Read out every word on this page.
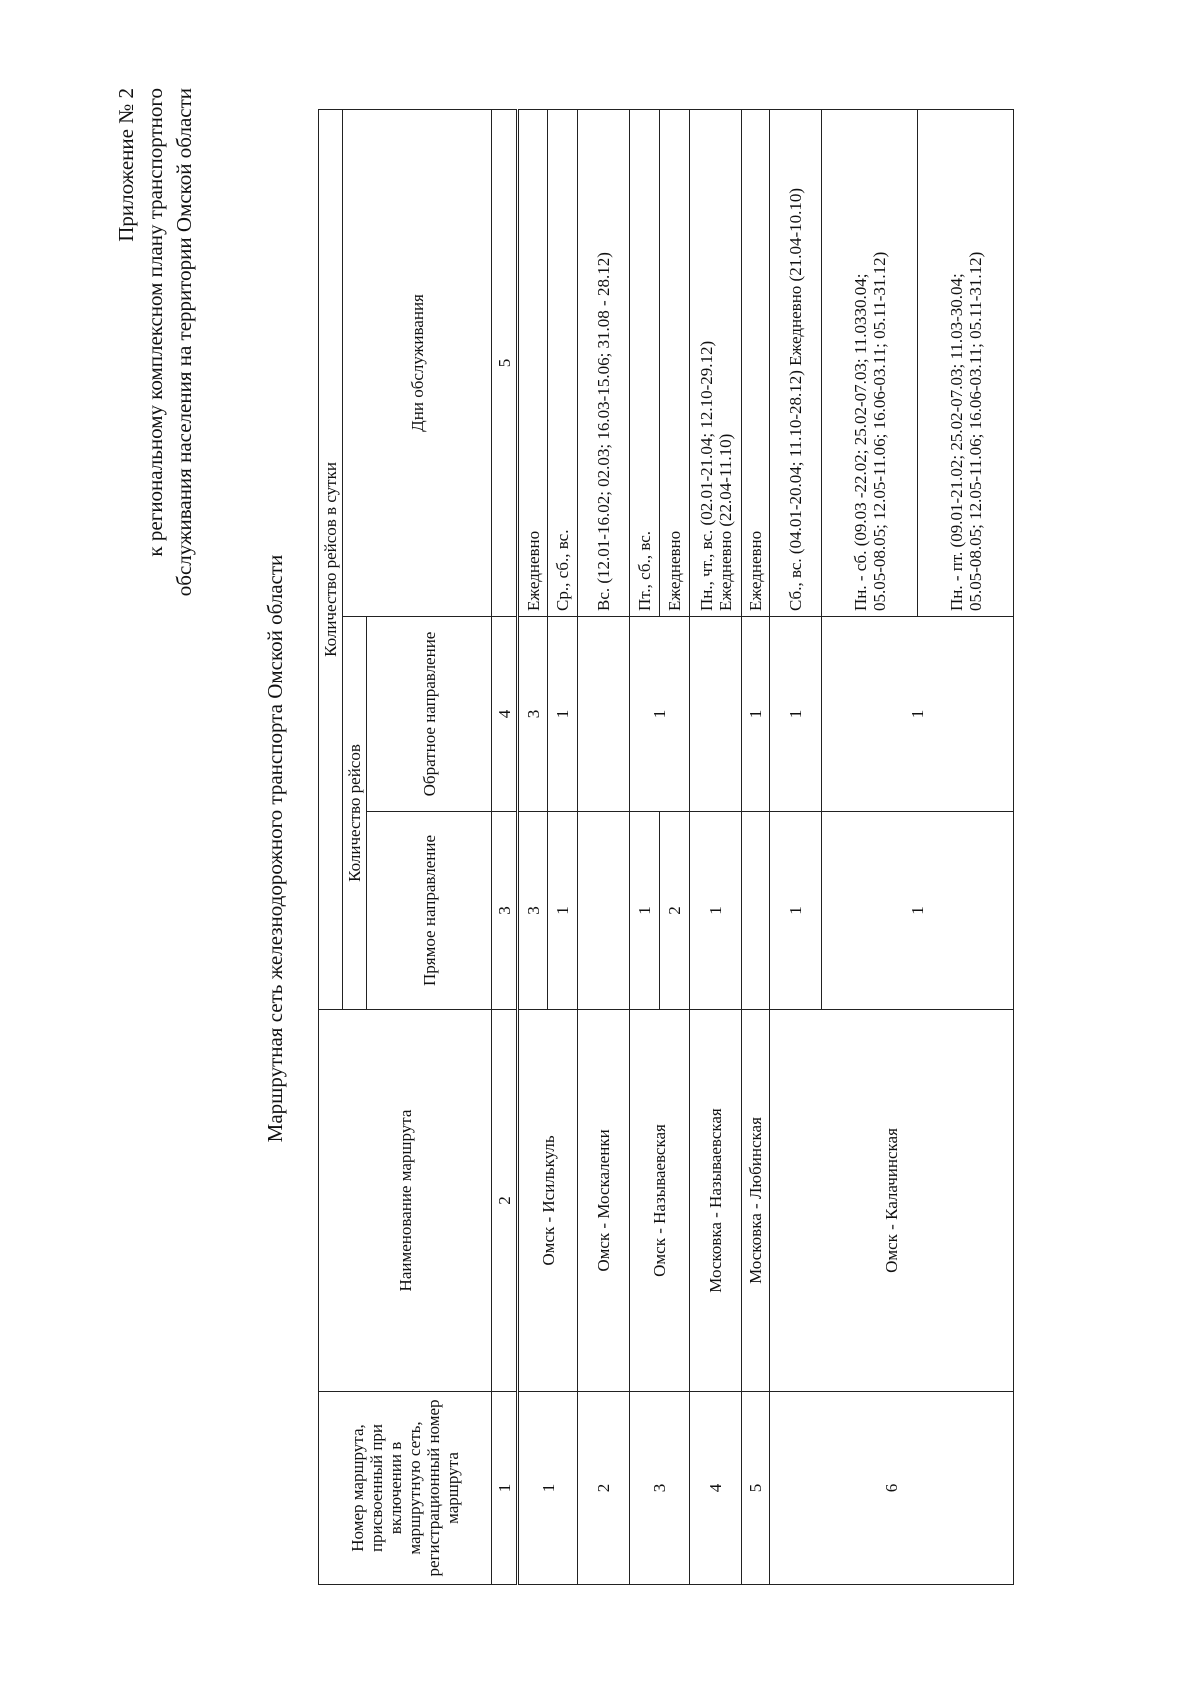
Приложение № 2 к региональному комплексном плану транспортного обслуживания населения на территории Омской области
Маршрутная сеть железнодорожного транспорта Омской области
Номер маршрута, присвоенный при включении в маршрутную сеть, регистрационный номер маршрута	Наименование маршрута	Количество рейсов в сутки		
		Количество рейсов		Дни обслуживания
		Прямое направление	Обратное направление	
1	2	3	4	5
1	Омск - Исилькуль	3	3	Ежедневно
		1	1	Ср., сб., вс.
2	Омск - Москаленки			Вс. (12.01-16.02; 02.03; 16.03-15.06; 31.08 - 28.12)
3	Омск - Называевская	1	1	Пт., сб., вс.
		2		Ежедневно
4	Московка - Называевская	1		Пн., чт., вс. (02.01-21.04; 12.10-29.12)
Ежедневно (22.04-11.10)
5	Московка - Любинская		1	Ежедневно
6	Омск - Калачинская	1	1	Сб., вс. (04.01-20.04; 11.10-28.12) Ежедневно (21.04-10.10)
		1	1	Пн. - сб. (09.03 -22.02; 25.02-07.03; 11.0330.04;
05.05-08.05; 12.05-11.06; 16.06-03.11; 05.11-31.12)
				Пн. - пт. (09.01-21.02; 25.02-07.03; 11.03-30.04;
05.05-08.05; 12.05-11.06; 16.06-03.11; 05.11-31.12)
